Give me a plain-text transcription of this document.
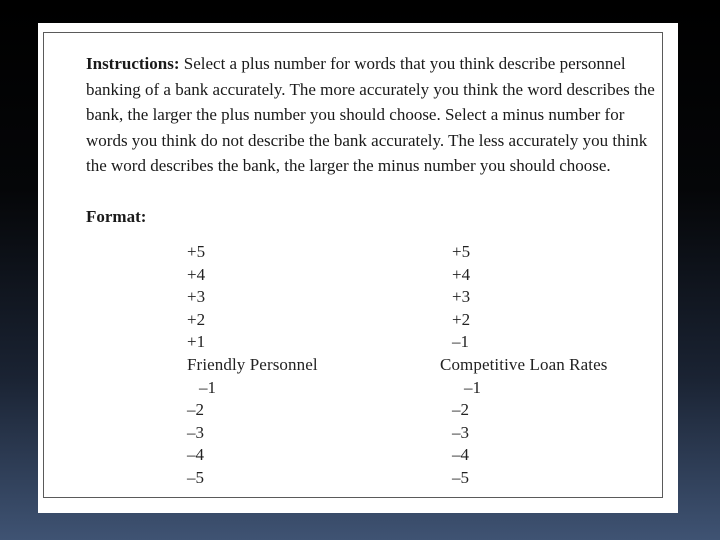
Instructions: Select a plus number for words that you think describe personnel banking of a bank accurately. The more accurately you think the word describes the bank, the larger the plus number you should choose. Select a minus number for words you think do not describe the bank accurately. The less accurately you think the word describes the bank, the larger the minus number you should choose.

Format:

+5
+4
+3
+2
+1
Friendly Personnel
–1
–2
–3
–4
–5
+5
+4
+3
+2
–1
Competitive Loan Rates
–1
–2
–3
–4
–5
